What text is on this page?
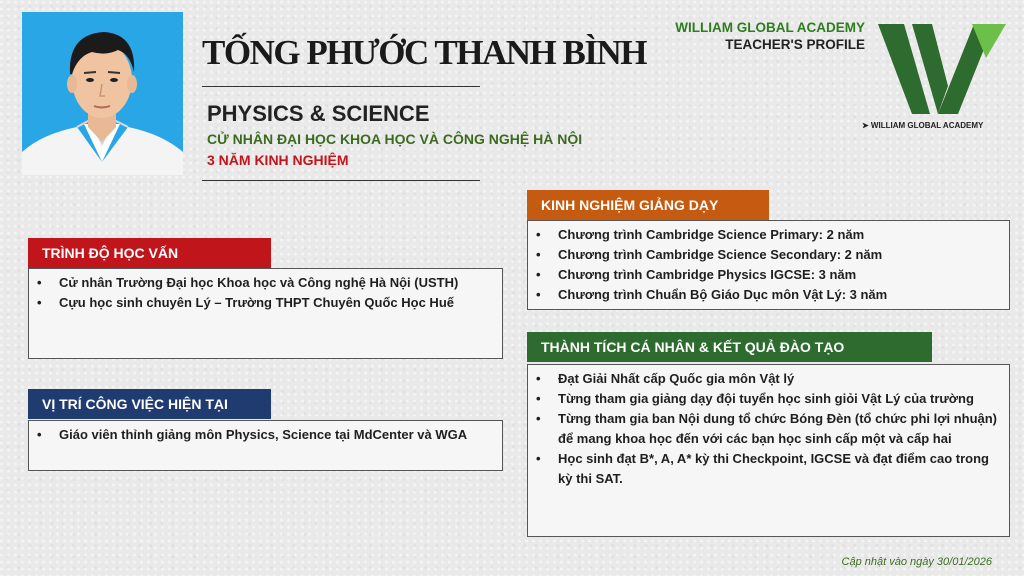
TỐNG PHƯỚC THANH BÌNH
PHYSICS & SCIENCE
CỬ NHÂN ĐẠI HỌC KHOA HỌC VÀ CÔNG NGHỆ HÀ NỘI
3 NĂM KINH NGHIỆM
WILLIAM GLOBAL ACADEMY
TEACHER'S PROFILE
➤ WILLIAM GLOBAL ACADEMY
TRÌNH ĐỘ HỌC VẤN
• Cử nhân Trường Đại học Khoa học và Công nghệ Hà Nội (USTH)
• Cựu học sinh chuyên Lý – Trường THPT Chuyên Quốc Học Huế
VỊ TRÍ CÔNG VIỆC HIỆN TẠI
• Giáo viên thỉnh giảng môn Physics, Science tại MdCenter và WGA
KINH NGHIỆM GIẢNG DẠY
• Chương trình Cambridge Science Primary: 2 năm
• Chương trình Cambridge Science Secondary: 2 năm
• Chương trình Cambridge Physics IGCSE: 3 năm
• Chương trình Chuẩn Bộ Giáo Dục môn Vật Lý: 3 năm
THÀNH TÍCH CÁ NHÂN & KẾT QUẢ ĐÀO TẠO
• Đạt Giải Nhất cấp Quốc gia môn Vật lý
• Từng tham gia giảng dạy đội tuyển học sinh giỏi Vật Lý của trường
• Từng tham gia ban Nội dung tổ chức Bóng Đèn (tổ chức phi lợi nhuận) để mang khoa học đến với các bạn học sinh cấp một và cấp hai
• Học sinh đạt B*, A, A* kỳ thi Checkpoint, IGCSE và đạt điểm cao trong kỳ thi SAT.
Cập nhật vào ngày 30/01/2026
